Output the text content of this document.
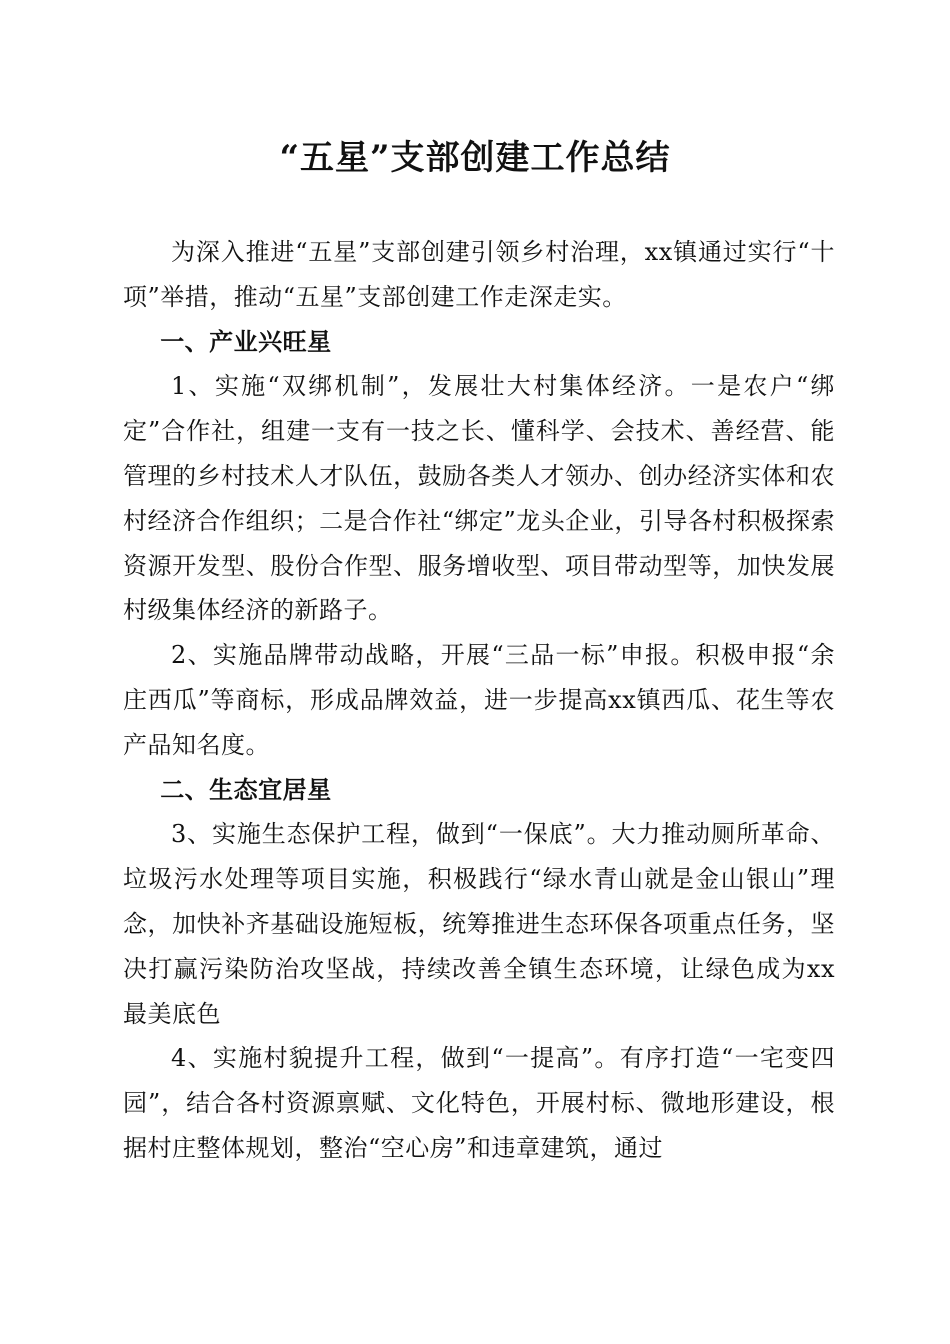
“五星”支部创建工作总结

为深入推进“五星”支部创建引领乡村治理，xx镇通过实行“十项”举措，推动“五星”支部创建工作走深走实。

一、产业兴旺星

1、实施“双绑机制”，发展壮大村集体经济。一是农户“绑定”合作社，组建一支有一技之长、懂科学、会技术、善经营、能管理的乡村技术人才队伍，鼓励各类人才领办、创办经济实体和农村经济合作组织；二是合作社“绑定”龙头企业，引导各村积极探索资源开发型、股份合作型、服务增收型、项目带动型等，加快发展村级集体经济的新路子。

2、实施品牌带动战略，开展“三品一标”申报。积极申报“余庄西瓜”等商标，形成品牌效益，进一步提高xx镇西瓜、花生等农产品知名度。

二、生态宜居星

3、实施生态保护工程，做到“一保底”。大力推动厕所革命、垃圾污水处理等项目实施，积极践行“绿水青山就是金山银山”理念，加快补齐基础设施短板，统筹推进生态环保各项重点任务，坚决打赢污染防治攻坚战，持续改善全镇生态环境，让绿色成为xx最美底色

4、实施村貌提升工程，做到“一提高”。有序打造“一宅变四园”，结合各村资源禀赋、文化特色，开展村标、微地形建设，根据村庄整体规划，整治“空心房”和违章建筑，通过
